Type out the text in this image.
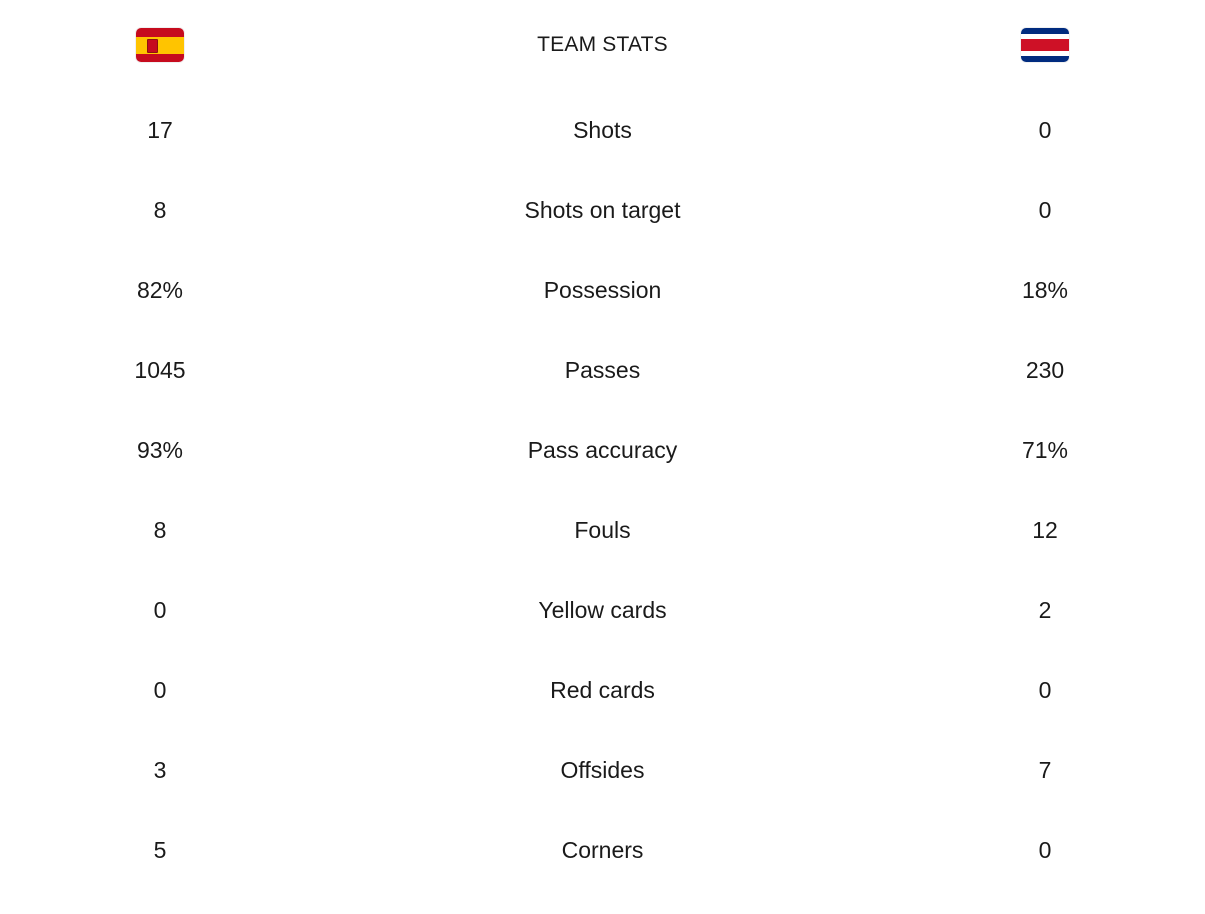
TEAM STATS
17	Shots	0
8	Shots on target	0
82%	Possession	18%
1045	Passes	230
93%	Pass accuracy	71%
8	Fouls	12
0	Yellow cards	2
0	Red cards	0
3	Offsides	7
5	Corners	0
